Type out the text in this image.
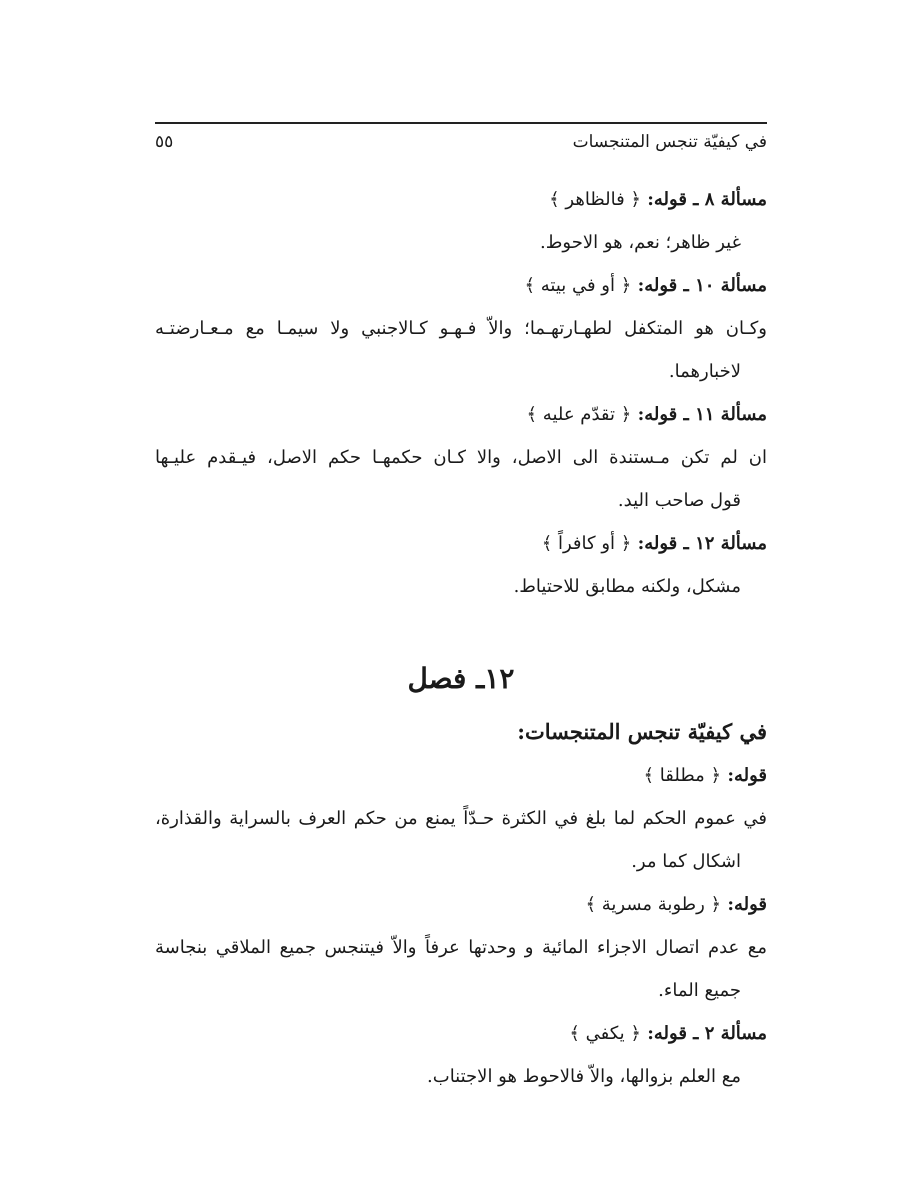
في كيفيّة تنجس المتنجسات
٥٥
مسألة ٨ ـ قوله: ﴿ فالظاهر ﴾
غير ظاهر؛ نعم، هو الاحوط.
مسألة ١٠ ـ قوله: ﴿ أو في بيته ﴾
وكـان هو المتكفل لطهـارتهـما؛ والاّ فـهـو كـالاجنبي ولا سيمـا مع مـعـارضتـه
لاخبارهما.
مسألة ١١ ـ قوله: ﴿ تقدّم عليه ﴾
ان لم تكن مـستندة الى الاصل، والا كـان حكمهـا حكم الاصل، فيـقدم عليـها
قول صاحب اليد.
مسألة ١٢ ـ قوله: ﴿ أو كافراً ﴾
مشكل، ولكنه مطابق للاحتياط.
١٢ـ فصل
في كيفيّة تنجس المتنجسات:
قوله: ﴿ مطلقا ﴾
في عموم الحكم لما بلغ في الكثرة حـدّاً يمنع من حكم العرف بالسراية والقذارة،
اشكال كما مر.
قوله: ﴿ رطوبة مسرية ﴾
مع عدم اتصال الاجزاء المائية و وحدتها عرفاً والاّ فيتنجس جميع الملاقي بنجاسة
جميع الماء.
مسألة ٢ ـ قوله: ﴿ يكفي ﴾
مع العلم بزوالها، والاّ فالاحوط هو الاجتناب.
